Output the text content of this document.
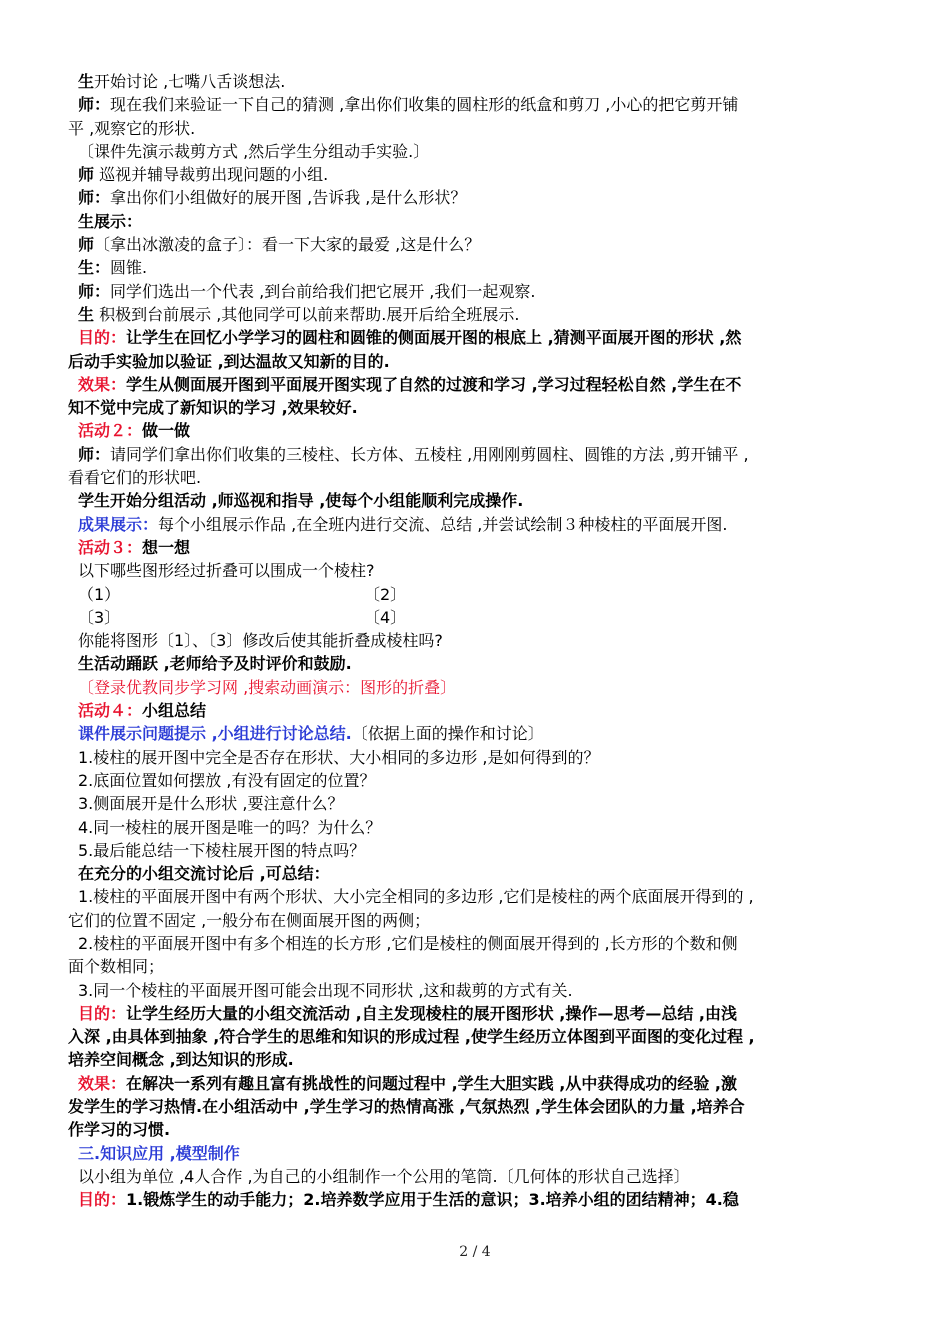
生开始讨论 ,七嘴八舌谈想法.
师：现在我们来验证一下自己的猜测 ,拿出你们收集的圆柱形的纸盒和剪刀 ,小心的把它剪开铺
平 ,观察它的形状.
〔课件先演示裁剪方式 ,然后学生分组动手实验.〕
师 巡视并辅导裁剪出现问题的小组.
师：拿出你们小组做好的展开图 ,告诉我 ,是什么形状？
生展示：
师〔拿出冰激凌的盒子〕：看一下大家的最爱 ,这是什么？
生：圆锥.
师：同学们选出一个代表 ,到台前给我们把它展开 ,我们一起观察.
生 积极到台前展示 ,其他同学可以前来帮助.展开后给全班展示.
目的：让学生在回忆小学学习的圆柱和圆锥的侧面展开图的根底上 ,猜测平面展开图的形状 ,然
后动手实验加以验证 ,到达温故又知新的目的.
效果：学生从侧面展开图到平面展开图实现了自然的过渡和学习 ,学习过程轻松自然 ,学生在不
知不觉中完成了新知识的学习 ,效果较好.
活动２：做一做
师：请同学们拿出你们收集的三棱柱、长方体、五棱柱 ,用刚刚剪圆柱、圆锥的方法 ,剪开铺平 ,
看看它们的形状吧.
学生开始分组活动 ,师巡视和指导 ,使每个小组能顺利完成操作.
成果展示：每个小组展示作品 ,在全班内进行交流、总结 ,并尝试绘制３种棱柱的平面展开图.
活动３：想一想
以下哪些图形经过折叠可以围成一个棱柱?
（1）	〔2〕
〔3〕	〔4〕
你能将图形〔1〕、〔3〕修改后使其能折叠成棱柱吗?
生活动踊跃 ,老师给予及时评价和鼓励.
〔登录优教同步学习网 ,搜索动画演示：图形的折叠〕
活动４：小组总结
课件展示问题提示 ,小组进行讨论总结.〔依据上面的操作和讨论〕
1.棱柱的展开图中完全是否存在形状、大小相同的多边形 ,是如何得到的？
2.底面位置如何摆放 ,有没有固定的位置？
3.侧面展开是什么形状 ,要注意什么？
4.同一棱柱的展开图是唯一的吗？为什么？
5.最后能总结一下棱柱展开图的特点吗？
在充分的小组交流讨论后 ,可总结：
1.棱柱的平面展开图中有两个形状、大小完全相同的多边形 ,它们是棱柱的两个底面展开得到的 ,
它们的位置不固定 ,一般分布在侧面展开图的两侧；
2.棱柱的平面展开图中有多个相连的长方形 ,它们是棱柱的侧面展开得到的 ,长方形的个数和侧
面个数相同；
3.同一个棱柱的平面展开图可能会出现不同形状 ,这和裁剪的方式有关.
目的：让学生经历大量的小组交流活动 ,自主发现棱柱的展开图形状 ,操作—思考—总结 ,由浅
入深 ,由具体到抽象 ,符合学生的思维和知识的形成过程 ,使学生经历立体图到平面图的变化过程 ,
培养空间概念 ,到达知识的形成.
效果：在解决一系列有趣且富有挑战性的问题过程中 ,学生大胆实践 ,从中获得成功的经验 ,激
发学生的学习热情.在小组活动中 ,学生学习的热情高涨 ,气氛热烈 ,学生体会团队的力量 ,培养合
作学习的习惯.
三.知识应用 ,模型制作
以小组为单位 ,4人合作 ,为自己的小组制作一个公用的笔筒.〔几何体的形状自己选择〕
目的：1.锻炼学生的动手能力；2.培养数学应用于生活的意识；3.培养小组的团结精神；4.稳
2 / 4
